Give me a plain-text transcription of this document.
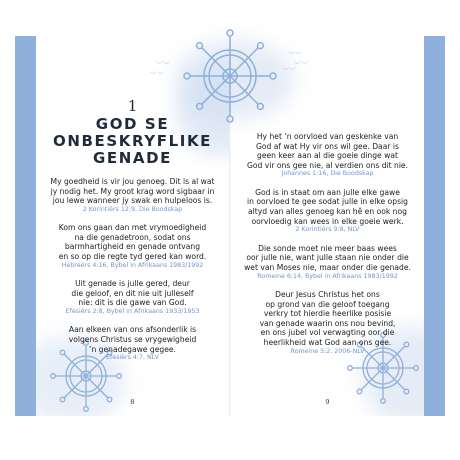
1

GOD SE

ONBESKRYFLIKE

GENADE

My goedheid is vir jou genoeg. Dit is al wat

jy nodig het. My groot krag word sigbaar in

jou lewe wanneer jy swak en hulpeloos is.

2 Korintiërs 12:9, Die Boodskap

Kom ons gaan dan met vrymoedigheid

na die genadetroon, sodat ons

barmhartigheid en genade ontvang

en so op die regte tyd gered kan word.

Hebreërs 4:16, Bybel in Afrikaans 1983/1992

Uit genade is julle gered, deur

die geloof, en dit nie uit julleself

nie: dit is die gawe van God.

Efesiërs 2:8, Bybel in Afrikaans 1933/1953

Aan elkeen van ons afsonderlik is

volgens Christus se vrygewigheid

’n genadegawe gegee.

Efesiërs 4:7, NLV

8

Hy het ’n oorvloed van geskenke van

God af wat Hy vir ons wil gee. Daar is

geen keer aan al die goeie dinge wat

God vir ons gee nie, al verdien ons dit nie.

Johannes 1:16, Die Boodskap

God is in staat om aan julle elke gawe

in oorvloed te gee sodat julle in elke opsig

altyd van alles genoeg kan hê en ook nog

oorvloedig kan wees in elke goeie werk.

2 Korintiërs 9:8, NLV

Die sonde moet nie meer baas wees

oor julle nie, want julle staan nie onder die

wet van Moses nie, maar onder die genade.

Romeine 6:14, Bybel in Afrikaans 1983/1992

Deur Jesus Christus het ons

op grond van die geloof toegang

verkry tot hierdie heerlike posisie

van genade waarin ons nou bevind,

en ons jubel vol verwagting oor die

heerlikheid wat God aan ons gee.

Romeine 5:2, 2006-NLV

9
︶︶
︶︶
︶︶
︶︶
︶︶
